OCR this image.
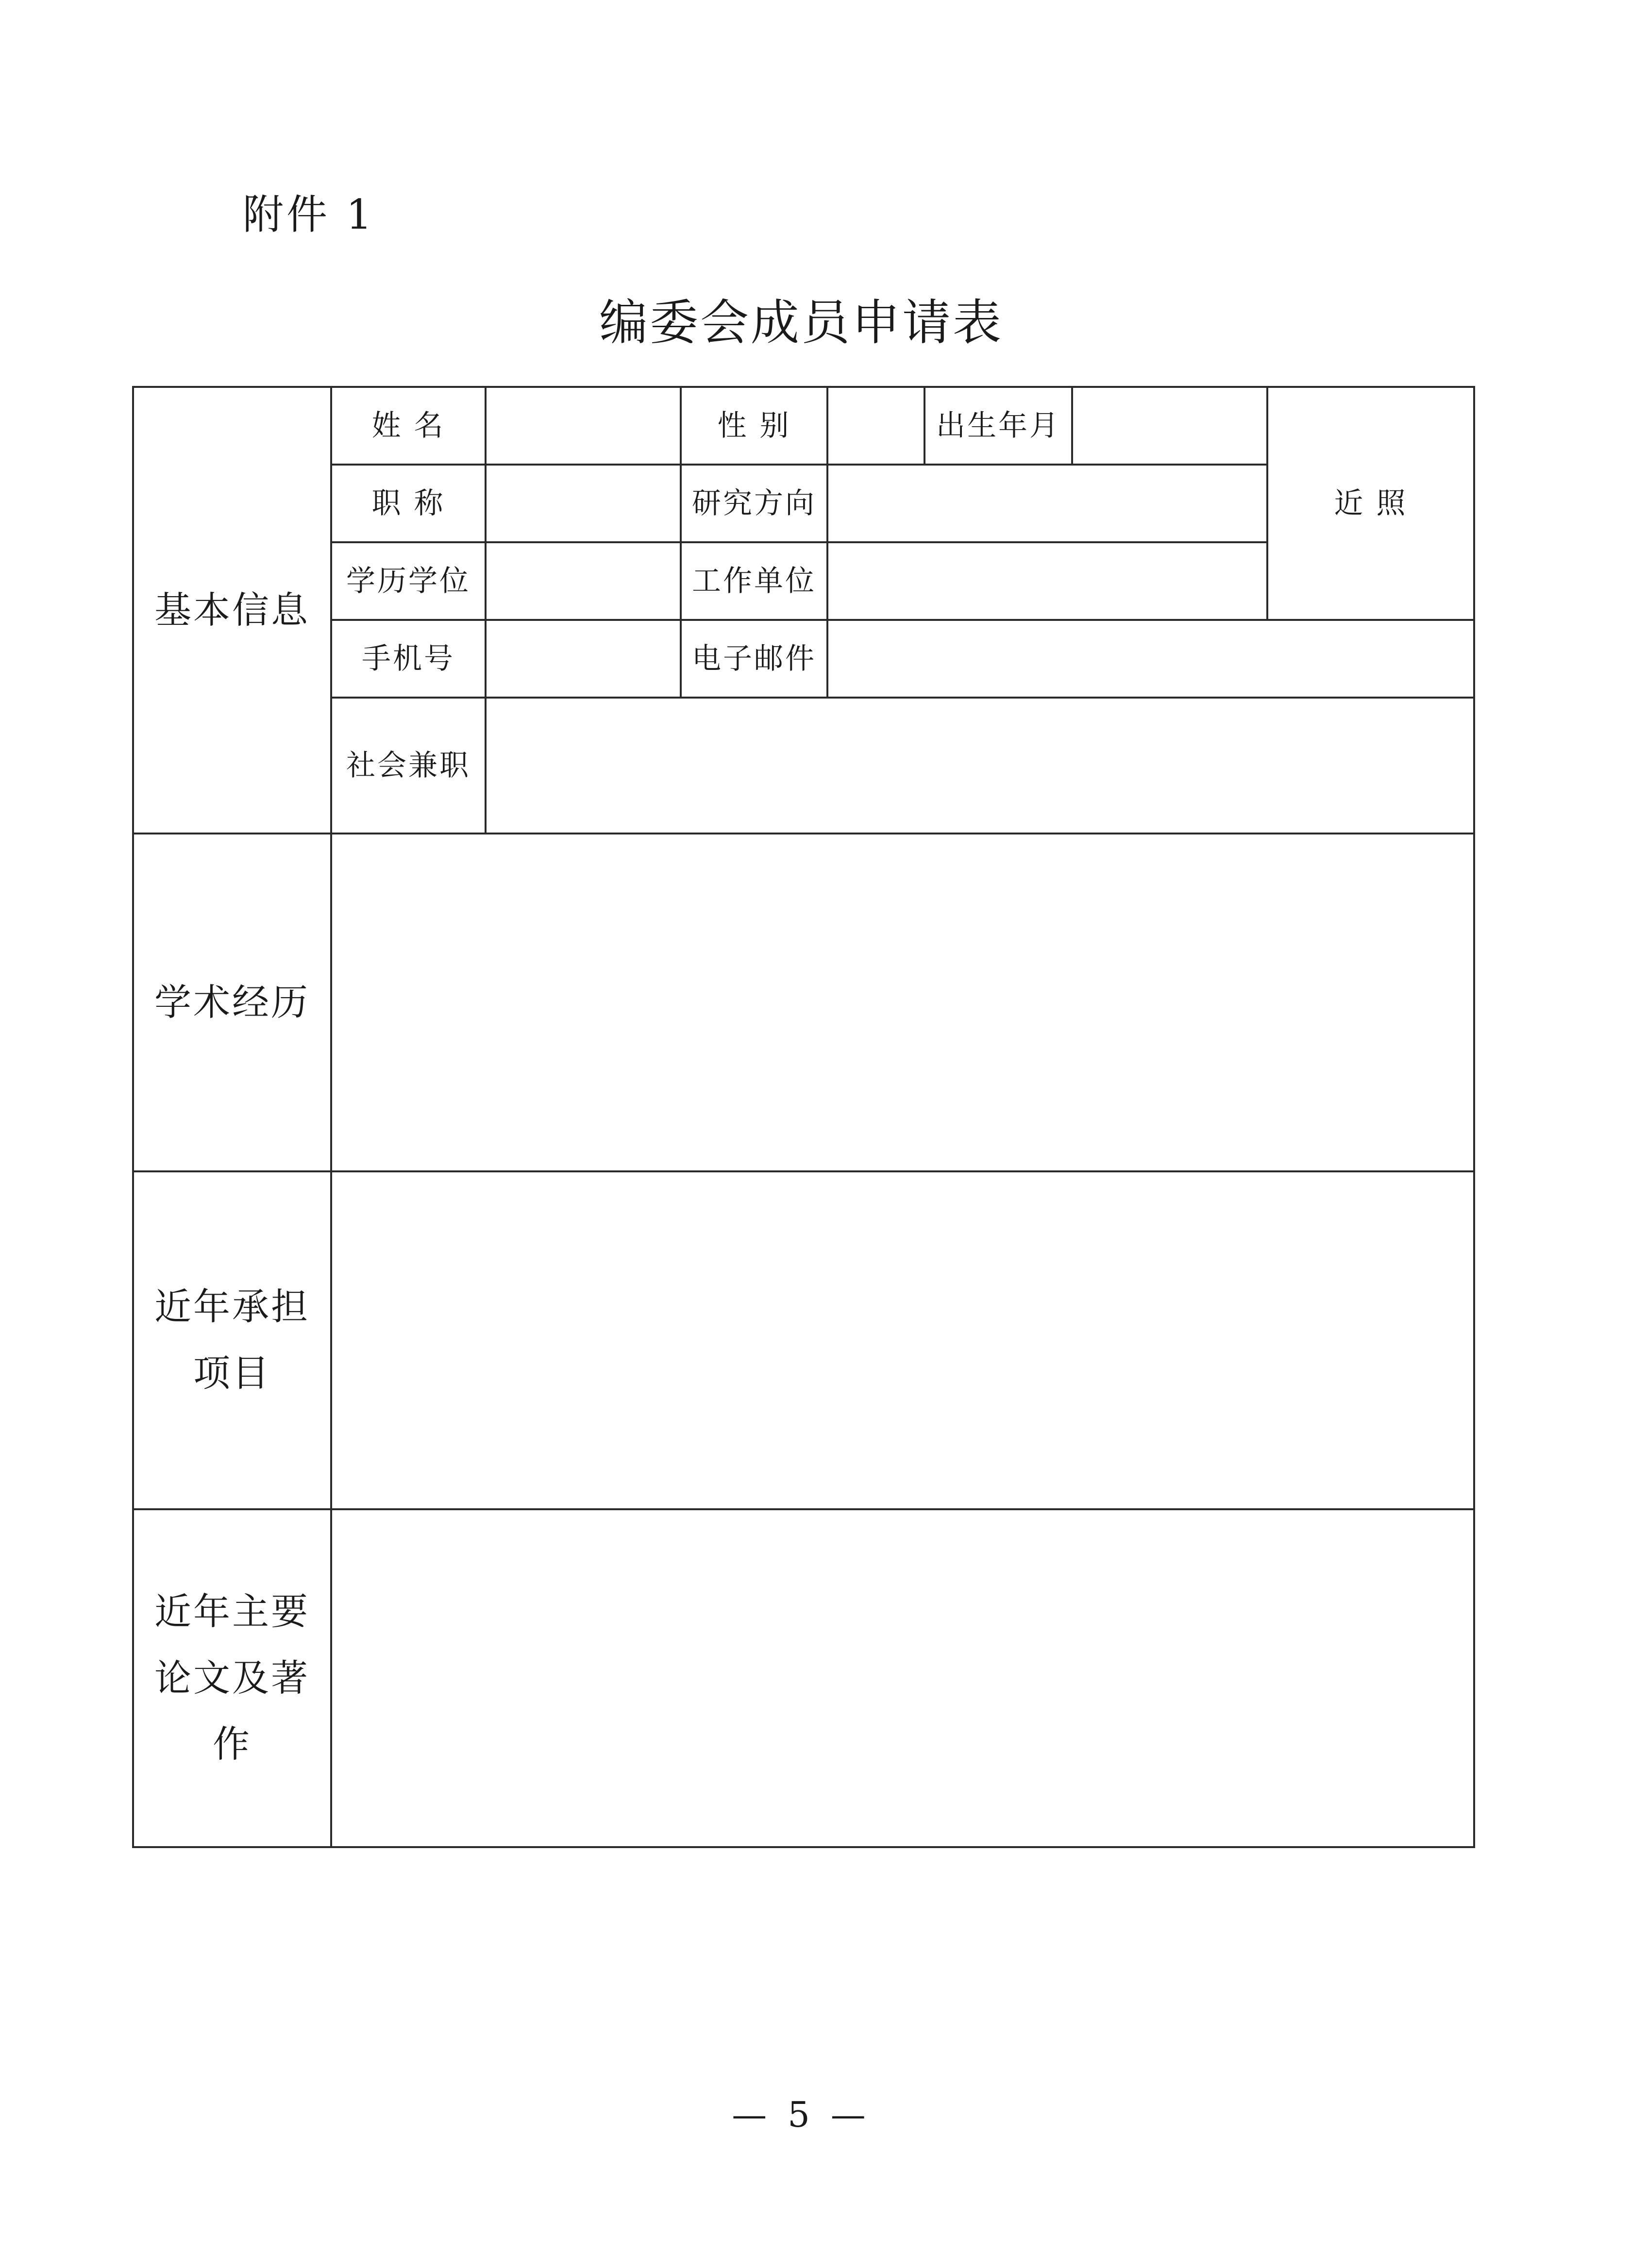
附件 1
编委会成员申请表
基本信息	姓 名		性 别		出生年月		近 照
	职 称		研究方向				
	学历学位		工作单位				
	手机号		电子邮件				
	社会兼职						
学术经历							
近年承担项目							
近年主要论文及著作							
— 5 —
